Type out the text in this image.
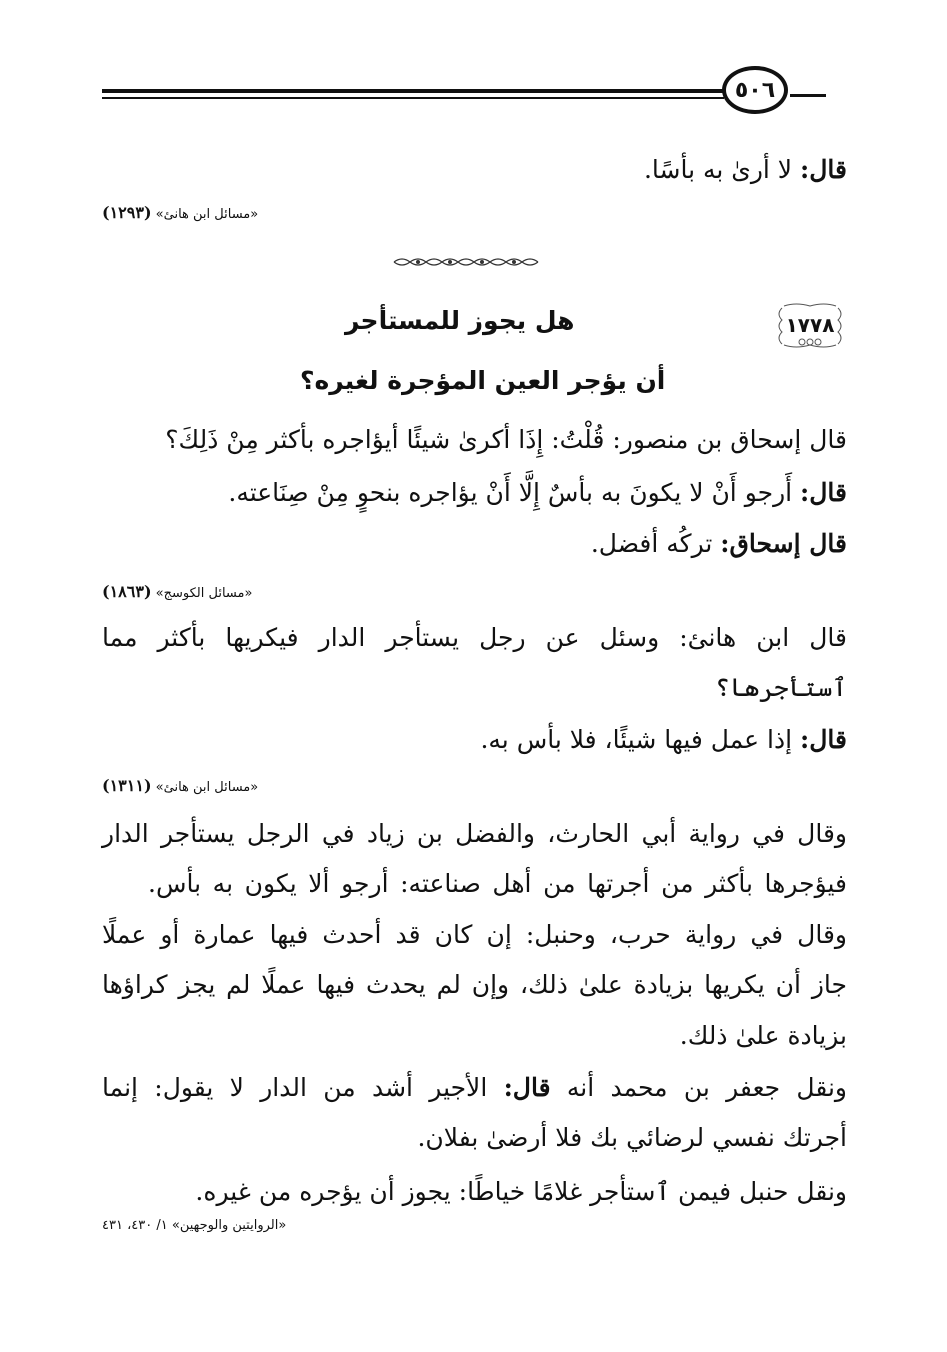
٥٠٦
قال: لا أرىٰ به بأسًا.
«مسائل ابن هانئ» (١٢٩٣)
١٧٧٨
هل يجوز للمستأجر
أن يؤجر العين المؤجرة لغيره؟
قال إسحاق بن منصور: قُلْتُ: إِذَا أكرىٰ شيئًا أيؤاجره بأكثر مِنْ ذَلِكَ؟
قال: أَرجو أَنْ لا يكونَ به بأسٌ إِلَّا أَنْ يؤاجره بنحوٍ مِنْ صِنَاعته.
قال إسحاق: تركُه أفضل.
«مسائل الكوسج» (١٨٦٣)
قال ابن هانئ: وسئل عن رجل يستأجر الدار فيكريها بأكثر مما
ٱستأجرها؟
قال: إذا عمل فيها شيئًا، فلا بأس به.
«مسائل ابن هانئ» (١٣١١)
وقال في رواية أبي الحارث، والفضل بن زياد في الرجل يستأجر الدار
فيؤجرها بأكثر من أجرتها من أهل صناعته: أرجو ألا يكون به بأس.
وقال في رواية حرب، وحنبل: إن كان قد أحدث فيها عمارة أو عملًا
جاز أن يكريها بزيادة علىٰ ذلك، وإن لم يحدث فيها عملًا لم يجز كراؤها
بزيادة علىٰ ذلك.
ونقل جعفر بن محمد أنه قال: الأجير أشد من الدار لا يقول: إنما
أجرتك نفسي لرضائي بك فلا أرضىٰ بفلان.
ونقل حنبل فيمن ٱستأجر غلامًا خياطًا: يجوز أن يؤجره من غيره.
«الروايتين والوجهين» ١/ ٤٣٠، ٤٣١
